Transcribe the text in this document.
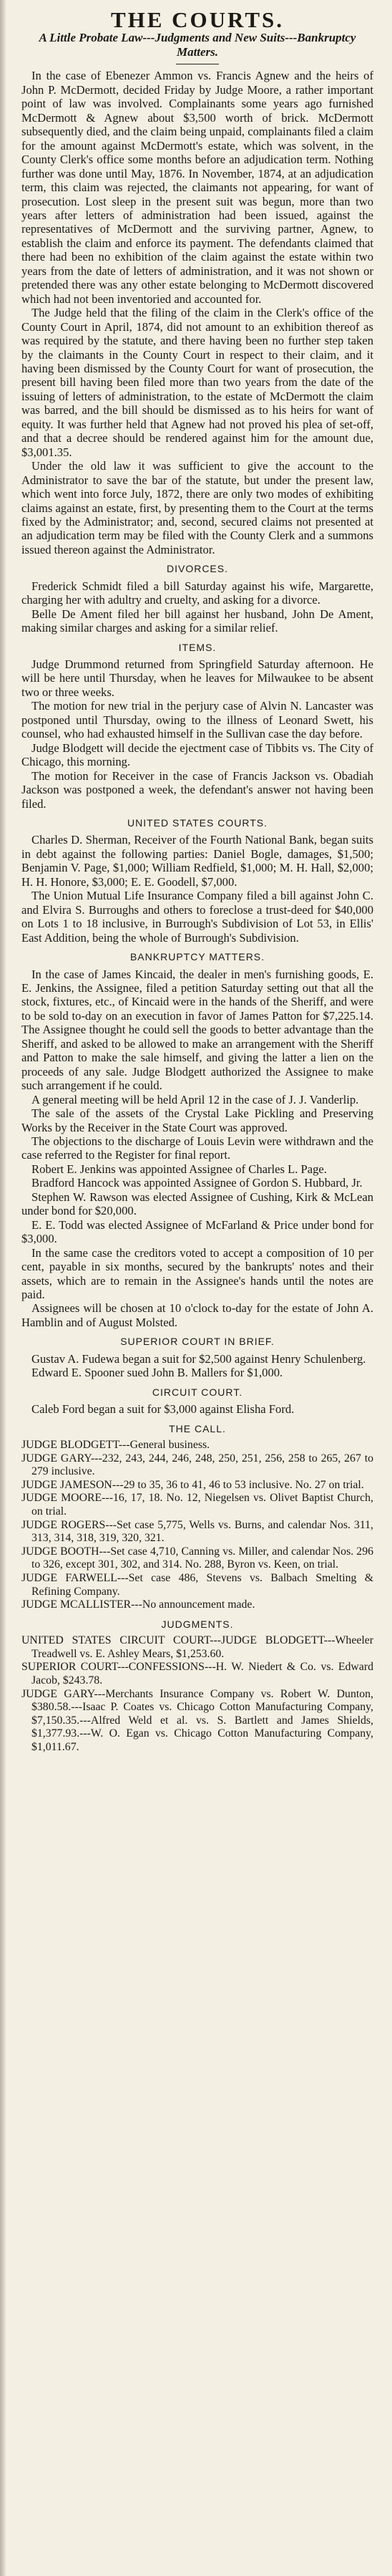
THE COURTS.
A Little Probate Law---Judgments and New Suits---Bankruptcy Matters.

In the case of Ebenezer Ammon vs. Francis Agnew and the heirs of John P. McDermott, decided Friday by Judge Moore, a rather important point of law was involved. Complainants some years ago furnished McDermott & Agnew about $3,500 worth of brick. McDermott subsequently died, and the claim being unpaid, complainants filed a claim for the amount against McDermott's estate, which was solvent, in the County Clerk's office some months before an adjudication term. Nothing further was done until May, 1876. In November, 1874, at an adjudication term, this claim was rejected, the claimants not appearing, for want of prosecution. Lost sleep in the present suit was begun, more than two years after letters of administration had been issued, against the representatives of McDermott and the surviving partner, Agnew, to establish the claim and enforce its payment. The defendants claimed that there had been no exhibition of the claim against the estate within two years from the date of letters of administration, and it was not shown or pretended there was any other estate belonging to McDermott discovered which had not been inventoried and accounted for.

The Judge held that the filing of the claim in the Clerk's office of the County Court in April, 1874, did not amount to an exhibition thereof as was required by the statute, and there having been no further step taken by the claimants in the County Court in respect to their claim, and it having been dismissed by the County Court for want of prosecution, the present bill having been filed more than two years from the date of the issuing of letters of administration, to the estate of McDermott the claim was barred, and the bill should be dismissed as to his heirs for want of equity. It was further held that Agnew had not proved his plea of set-off, and that a decree should be rendered against him for the amount due, $3,001.35.

Under the old law it was sufficient to give the account to the Administrator to save the bar of the statute, but under the present law, which went into force July, 1872, there are only two modes of exhibiting claims against an estate, first, by presenting them to the Court at the terms fixed by the Administrator; and, second, secured claims not presented at an adjudication term may be filed with the County Clerk and a summons issued thereon against the Administrator.

DIVORCES.

Frederick Schmidt filed a bill Saturday against his wife, Margarette, charging her with adultry and cruelty, and asking for a divorce.

Belle De Ament filed her bill against her husband, John De Ament, making similar charges and asking for a similar relief.

ITEMS.

Judge Drummond returned from Springfield Saturday afternoon. He will be here until Thursday, when he leaves for Milwaukee to be absent two or three weeks.

The motion for new trial in the perjury case of Alvin N. Lancaster was postponed until Thursday, owing to the illness of Leonard Swett, his counsel, who had exhausted himself in the Sullivan case the day before.

Judge Blodgett will decide the ejectment case of Tibbits vs. The City of Chicago, this morning.

The motion for Receiver in the case of Francis Jackson vs. Obadiah Jackson was postponed a week, the defendant's answer not having been filed.

UNITED STATES COURTS.

Charles D. Sherman, Receiver of the Fourth National Bank, began suits in debt against the following parties: Daniel Bogle, damages, $1,500; Benjamin V. Page, $1,000; William Redfield, $1,000; M. H. Hall, $2,000; H. H. Honore, $3,000; E. E. Goodell, $7,000.

The Union Mutual Life Insurance Company filed a bill against John C. and Elvira S. Burroughs and others to foreclose a trust-deed for $40,000 on Lots 1 to 18 inclusive, in Burrough's Subdivision of Lot 53, in Ellis' East Addition, being the whole of Burrough's Subdivision.

BANKRUPTCY MATTERS.

In the case of James Kincaid, the dealer in men's furnishing goods, E. E. Jenkins, the Assignee, filed a petition Saturday setting out that all the stock, fixtures, etc., of Kincaid were in the hands of the Sheriff, and were to be sold to-day on an execution in favor of James Patton for $7,225.14. The Assignee thought he could sell the goods to better advantage than the Sheriff, and asked to be allowed to make an arrangement with the Sheriff and Patton to make the sale himself, and giving the latter a lien on the proceeds of any sale. Judge Blodgett authorized the Assignee to make such arrangement if he could.

A general meeting will be held April 12 in the case of J. J. Vanderlip.

The sale of the assets of the Crystal Lake Pickling and Preserving Works by the Receiver in the State Court was approved.

The objections to the discharge of Louis Levin were withdrawn and the case referred to the Register for final report.

Robert E. Jenkins was appointed Assignee of Charles L. Page.

Bradford Hancock was appointed Assignee of Gordon S. Hubbard, Jr.

Stephen W. Rawson was elected Assignee of Cushing, Kirk & McLean under bond for $20,000.

E. E. Todd was elected Assignee of McFarland & Price under bond for $3,000.

In the same case the creditors voted to accept a composition of 10 per cent, payable in six months, secured by the bankrupts' notes and their assets, which are to remain in the Assignee's hands until the notes are paid.

Assignees will be chosen at 10 o'clock to-day for the estate of John A. Hamblin and of August Molsted.

SUPERIOR COURT IN BRIEF.

Gustav A. Fudewa began a suit for $2,500 against Henry Schulenberg.

Edward E. Spooner sued John B. Mallers for $1,000.

CIRCUIT COURT.

Caleb Ford began a suit for $3,000 against Elisha Ford.

THE CALL.

JUDGE BLODGETT---General business.

JUDGE GARY---232, 243, 244, 246, 248, 250, 251, 256, 258 to 265, 267 to 279 inclusive.

JUDGE JAMESON---29 to 35, 36 to 41, 46 to 53 inclusive. No. 27 on trial.

JUDGE MOORE---16, 17, 18. No. 12, Niegelsen vs. Olivet Baptist Church, on trial.

JUDGE ROGERS---Set case 5,775, Wells vs. Burns, and calendar Nos. 311, 313, 314, 318, 319, 320, 321.

JUDGE BOOTH---Set case 4,710, Canning vs. Miller, and calendar Nos. 296 to 326, except 301, 302, and 314. No. 288, Byron vs. Keen, on trial.

JUDGE FARWELL---Set case 486, Stevens vs. Balbach Smelting & Refining Company.

JUDGE MCALLISTER---No announcement made.

JUDGMENTS.

UNITED STATES CIRCUIT COURT---JUDGE BLODGETT---Wheeler Treadwell vs. E. Ashley Mears, $1,253.60.

SUPERIOR COURT---CONFESSIONS---H. W. Niedert & Co. vs. Edward Jacob, $243.78.

JUDGE GARY---Merchants Insurance Company vs. Robert W. Dunton, $380.58.---Isaac P. Coates vs. Chicago Cotton Manufacturing Company, $7,150.35.---Alfred Weld et al. vs. S. Bartlett and James Shields, $1,377.93.---W. O. Egan vs. Chicago Cotton Manufacturing Company, $1,011.67.
